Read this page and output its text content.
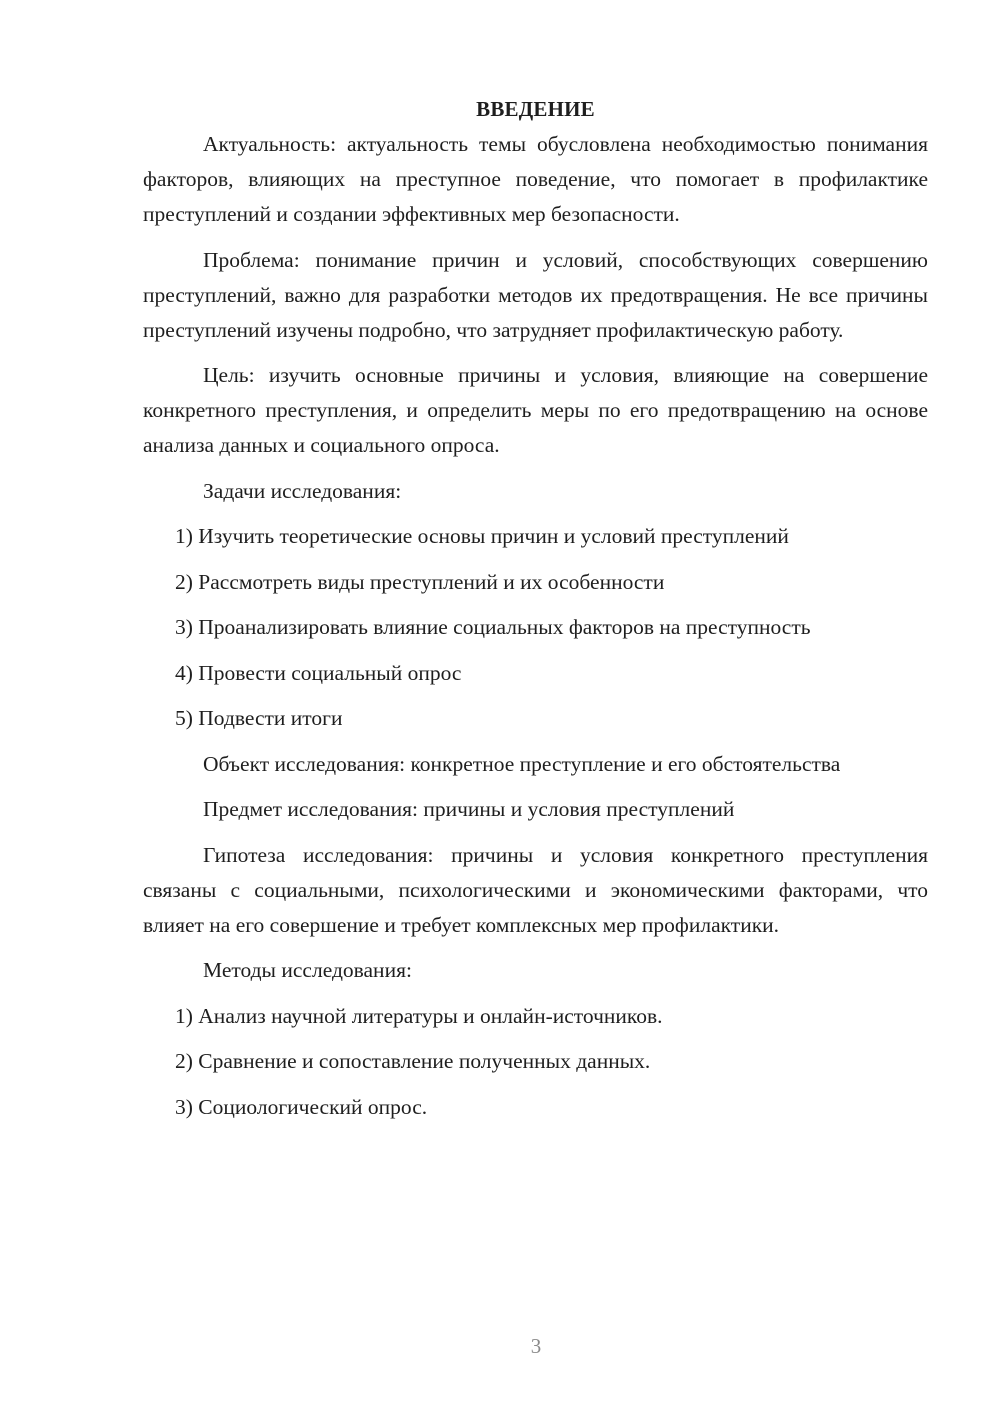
ВВЕДЕНИЕ

Актуальность: актуальность темы обусловлена необходимостью понимания факторов, влияющих на преступное поведение, что помогает в профилактике преступлений и создании эффективных мер безопасности.

Проблема: понимание причин и условий, способствующих совершению преступлений, важно для разработки методов их предотвращения. Не все причины преступлений изучены подробно, что затрудняет профилактическую работу.

Цель: изучить основные причины и условия, влияющие на совершение конкретного преступления, и определить меры по его предотвращению на основе анализа данных и социального опроса.

Задачи исследования:

1) Изучить теоретические основы причин и условий преступлений
2) Рассмотреть виды преступлений и их особенности
3) Проанализировать влияние социальных факторов на преступность
4) Провести социальный опрос
5) Подвести итоги

Объект исследования: конкретное преступление и его обстоятельства

Предмет исследования: причины и условия преступлений

Гипотеза исследования: причины и условия конкретного преступления связаны с социальными, психологическими и экономическими факторами, что влияет на его совершение и требует комплексных мер профилактики.

Методы исследования:

1) Анализ научной литературы и онлайн-источников.
2) Сравнение и сопоставление полученных данных.
3) Социологический опрос.
3
